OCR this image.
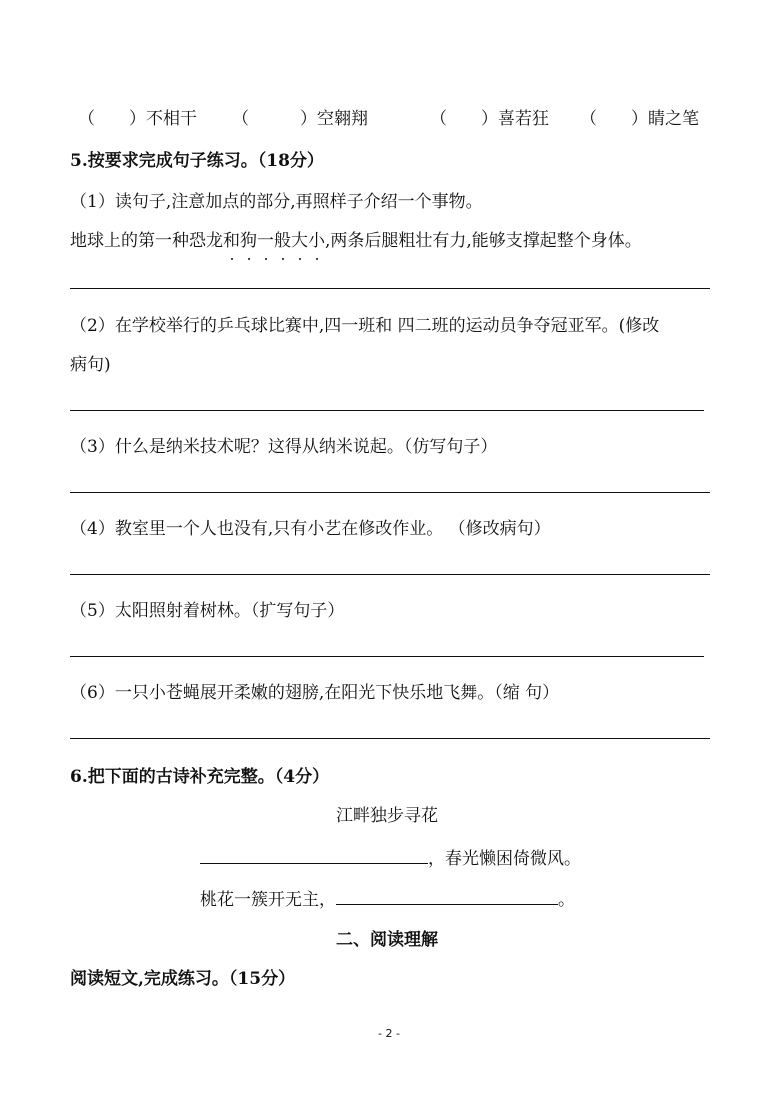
（　　）不相干 （　　　）空翱翔	（　　）喜若狂 （　　）睛之笔
5.按要求完成句子练习。（18分）
（1）读句子,注意加点的部分,再照样子介绍一个事物。
地球上的第一种恐龙和狗一般大小,两条后腿粗壮有力,能够支撑起整个身体。
（2）在学校举行的乒乓球比赛中,四一班和 四二班的运动员争夺冠亚军。(修改
病句)
（3）什么是纳米技术呢？这得从纳米说起。（仿写句子）
（4）教室里一个人也没有,只有小艺在修改作业。 （修改病句）
（5）太阳照射着树林。（扩写句子）
（6）一只小苍蝇展开柔嫩的翅膀,在阳光下快乐地飞舞。（缩 句）
6.把下面的古诗补充完整。（4分）
江畔独步寻花
，春光懒困倚微风。
桃花一簇开无主，	。
二、阅读理解
阅读短文,完成练习。（15分）
- 2 -
